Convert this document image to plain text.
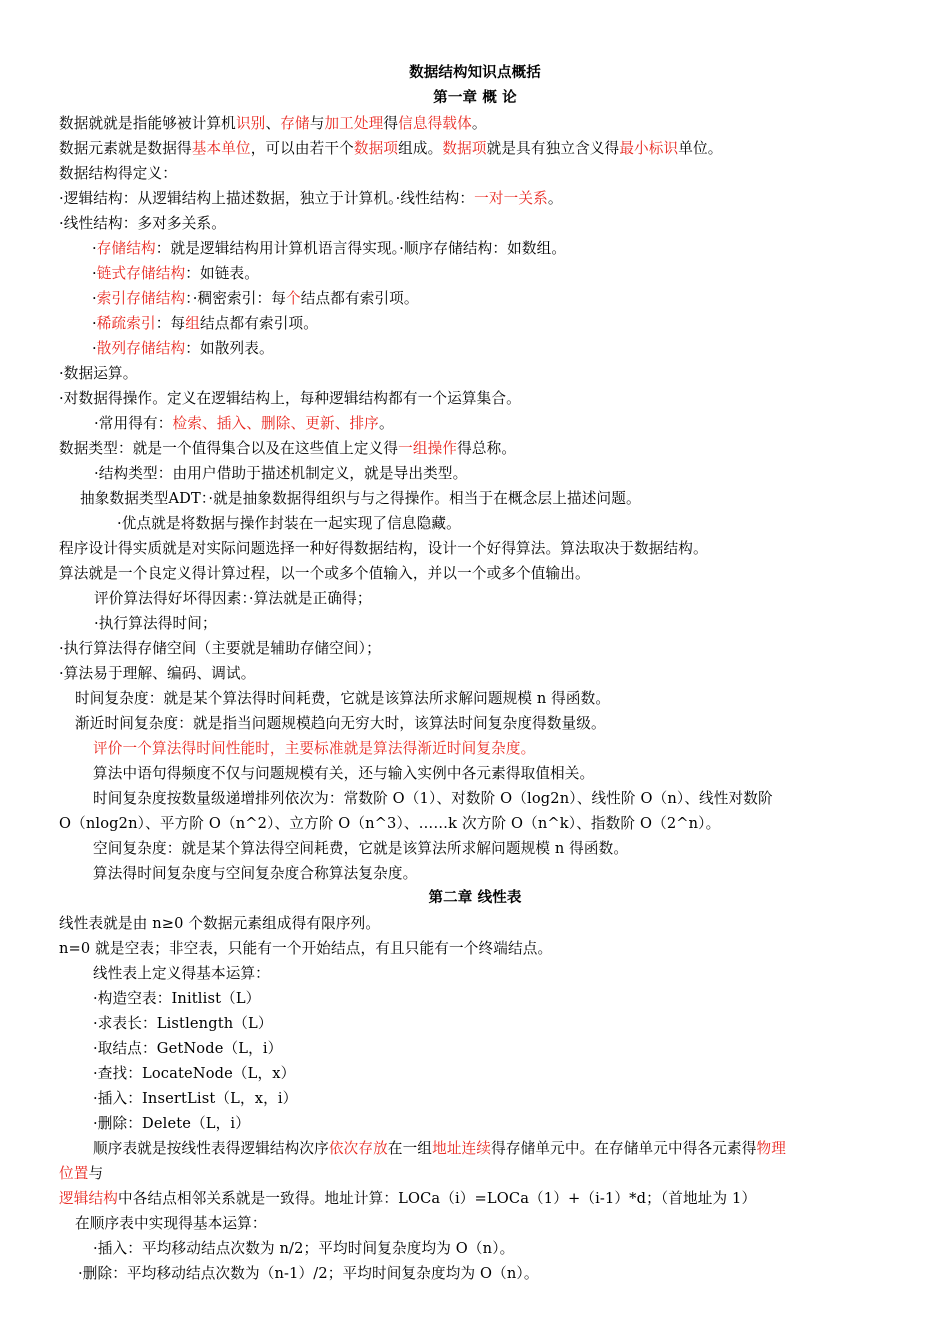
数据结构知识点概括
第一章 概 论
数据就就是指能够被计算机识别、存储与加工处理得信息得载体。
数据元素就是数据得基本单位，可以由若干个数据项组成。数据项就是具有独立含义得最小标识单位。
数据结构得定义：
·逻辑结构：从逻辑结构上描述数据，独立于计算机。·线性结构：一对一关系。
·线性结构：多对多关系。
·存储结构：就是逻辑结构用计算机语言得实现。·顺序存储结构：如数组。
·链式存储结构：如链表。
·索引存储结构：·稠密索引：每个结点都有索引项。
·稀疏索引：每组结点都有索引项。
·散列存储结构：如散列表。
·数据运算。
·对数据得操作。定义在逻辑结构上，每种逻辑结构都有一个运算集合。
·常用得有：检索、插入、删除、更新、排序。
数据类型：就是一个值得集合以及在这些值上定义得一组操作得总称。
·结构类型：由用户借助于描述机制定义，就是导出类型。
抽象数据类型ADT：·就是抽象数据得组织与与之得操作。相当于在概念层上描述问题。
·优点就是将数据与操作封装在一起实现了信息隐藏。
程序设计得实质就是对实际问题选择一种好得数据结构，设计一个好得算法。算法取决于数据结构。
算法就是一个良定义得计算过程，以一个或多个值输入，并以一个或多个值输出。
评价算法得好坏得因素：·算法就是正确得；
·执行算法得时间；
·执行算法得存储空间（主要就是辅助存储空间）；
·算法易于理解、编码、调试。
时间复杂度：就是某个算法得时间耗费，它就是该算法所求解问题规模 n 得函数。
渐近时间复杂度：就是指当问题规模趋向无穷大时，该算法时间复杂度得数量级。
评价一个算法得时间性能时，主要标准就是算法得渐近时间复杂度。
算法中语句得频度不仅与问题规模有关，还与输入实例中各元素得取值相关。
时间复杂度按数量级递增排列依次为：常数阶 O（1）、对数阶 O（log2n）、线性阶 O（n）、线性对数阶
O（nlog2n）、平方阶 O（n^2）、立方阶 O（n^3）、……k 次方阶 O（n^k）、指数阶 O（2^n）。
空间复杂度：就是某个算法得空间耗费，它就是该算法所求解问题规模 n 得函数。
算法得时间复杂度与空间复杂度合称算法复杂度。
第二章 线性表
线性表就是由 n≥0 个数据元素组成得有限序列。
n=0 就是空表；非空表，只能有一个开始结点，有且只能有一个终端结点。
线性表上定义得基本运算：
·构造空表：Initlist（L）
·求表长：Listlength（L）
·取结点：GetNode（L，i）
·查找：LocateNode（L，x）
·插入：InsertList（L，x，i）
·删除：Delete（L，i）
顺序表就是按线性表得逻辑结构次序依次存放在一组地址连续得存储单元中。在存储单元中得各元素得物理
位置与
逻辑结构中各结点相邻关系就是一致得。地址计算：LOCa（i）=LOCa（1）+（i-1）*d；（首地址为 1）
在顺序表中实现得基本运算：
·插入：平均移动结点次数为 n/2；平均时间复杂度均为 O（n）。
·删除：平均移动结点次数为（n-1）/2；平均时间复杂度均为 O（n）。
